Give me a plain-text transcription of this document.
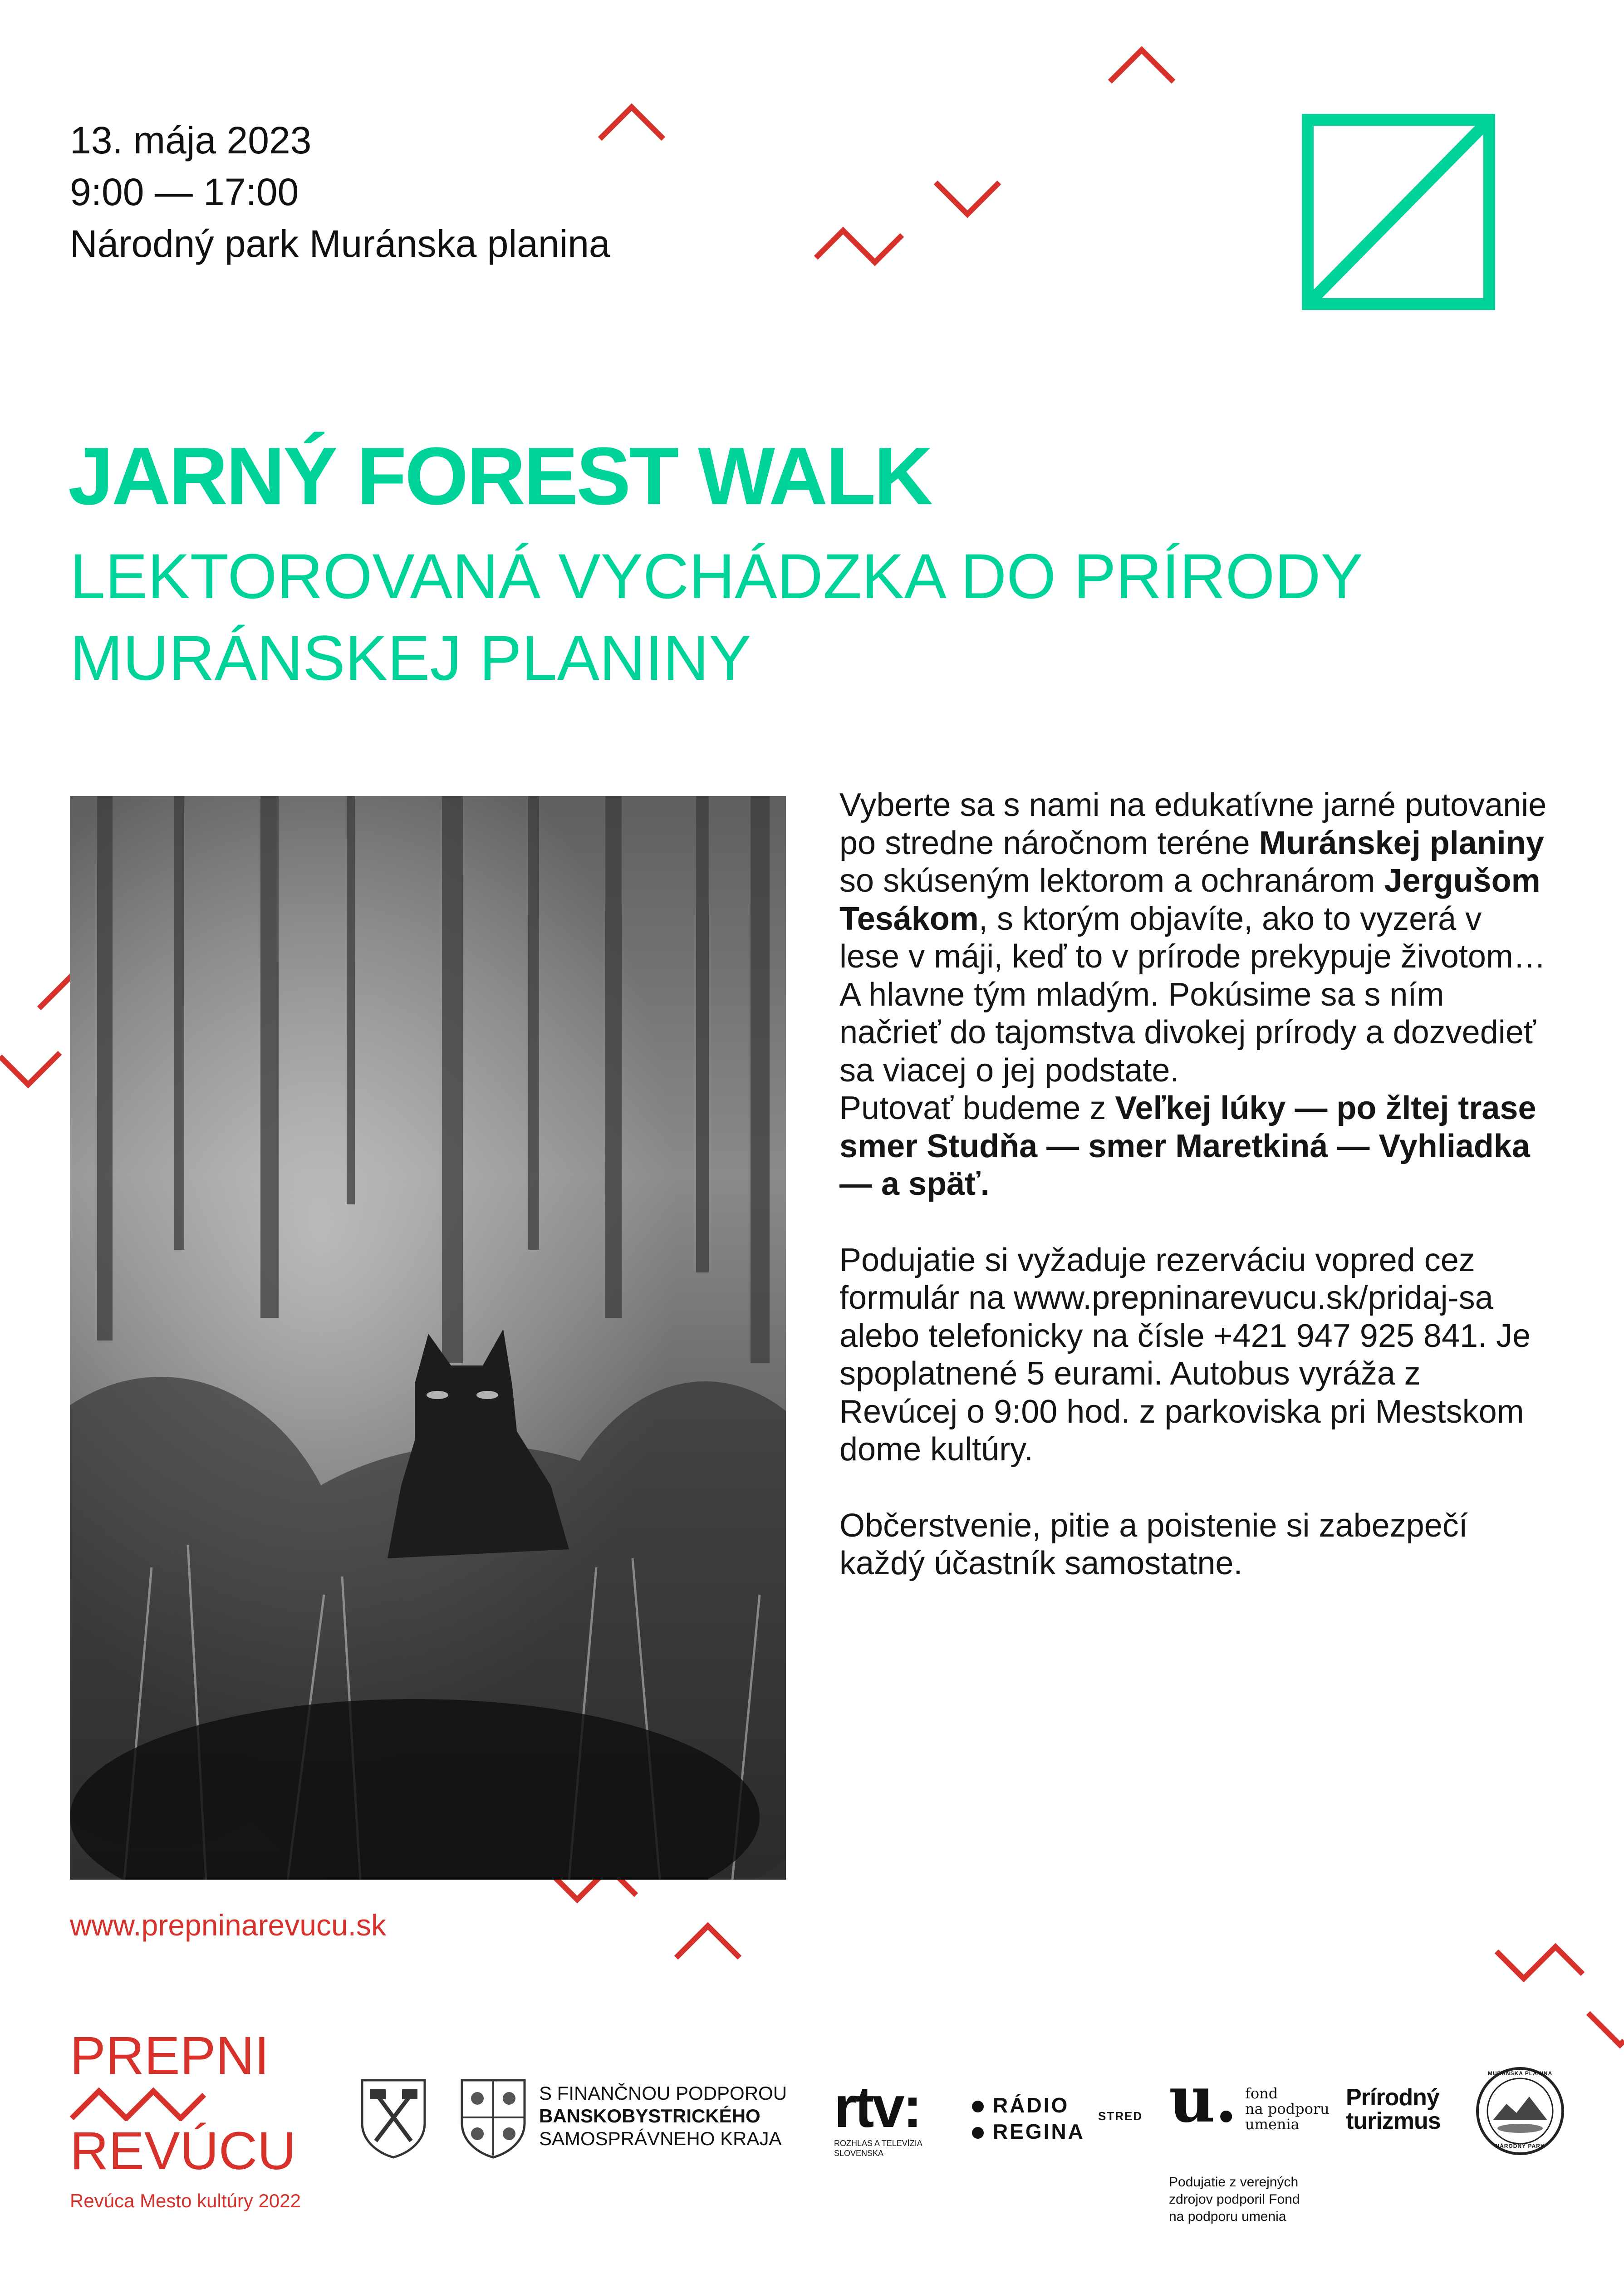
13. mája 2023
9:00 — 17:00
Národný park Muránska planina
JARNÝ FOREST WALK
LEKTOROVANÁ VYCHÁDZKA DO PRÍRODY
MURÁNSKEJ PLANINY

Vyberte sa s nami na edukatívne jarné putovanie po stredne náročnom teréne Muránskej planiny so skúseným lektorom a ochranárom Jergušom Tesákom, s ktorým objavíte, ako to vyzerá v lese v máji, keď to v prírode prekypuje životom… A hlavne tým mladým. Pokúsime sa s ním načrieť do tajomstva divokej prírody a dozvedieť sa viacej o jej podstate.

Putovať budeme z Veľkej lúky — po žltej trase smer Studňa — smer Maretkiná — Vyhliadka — a späť.

Podujatie si vyžaduje rezerváciu vopred cez formulár na www.prepninarevucu.sk/pridaj-sa alebo telefonicky na čísle +421 947 925 841. Je spoplatnené 5 eurami. Autobus vyráža z Revúcej o 9:00 hod. z parkoviska pri Mestskom dome kultúry.

Občerstvenie, pitie a poistenie si zabezpečí každý účastník samostatne.

www.prepninarevucu.sk
PREPNI
REVÚCU
Revúca Mesto kultúry 2022
S FINANČNOU PODPOROU
BANSKOBYSTRICKÉHO
SAMOSPRÁVNEHO KRAJA rtv:
ROZHLAS A TELEVÍZIA SLOVENSKA
RÁDIO
REGINA
STRED u. fond
na podporu
umenia
Podujatie z verejných
zdrojov podporil Fond
na podporu umenia
Prírodný
turizmus
MURÁNSKA PLANINA
NÁRODNÝ PARK
